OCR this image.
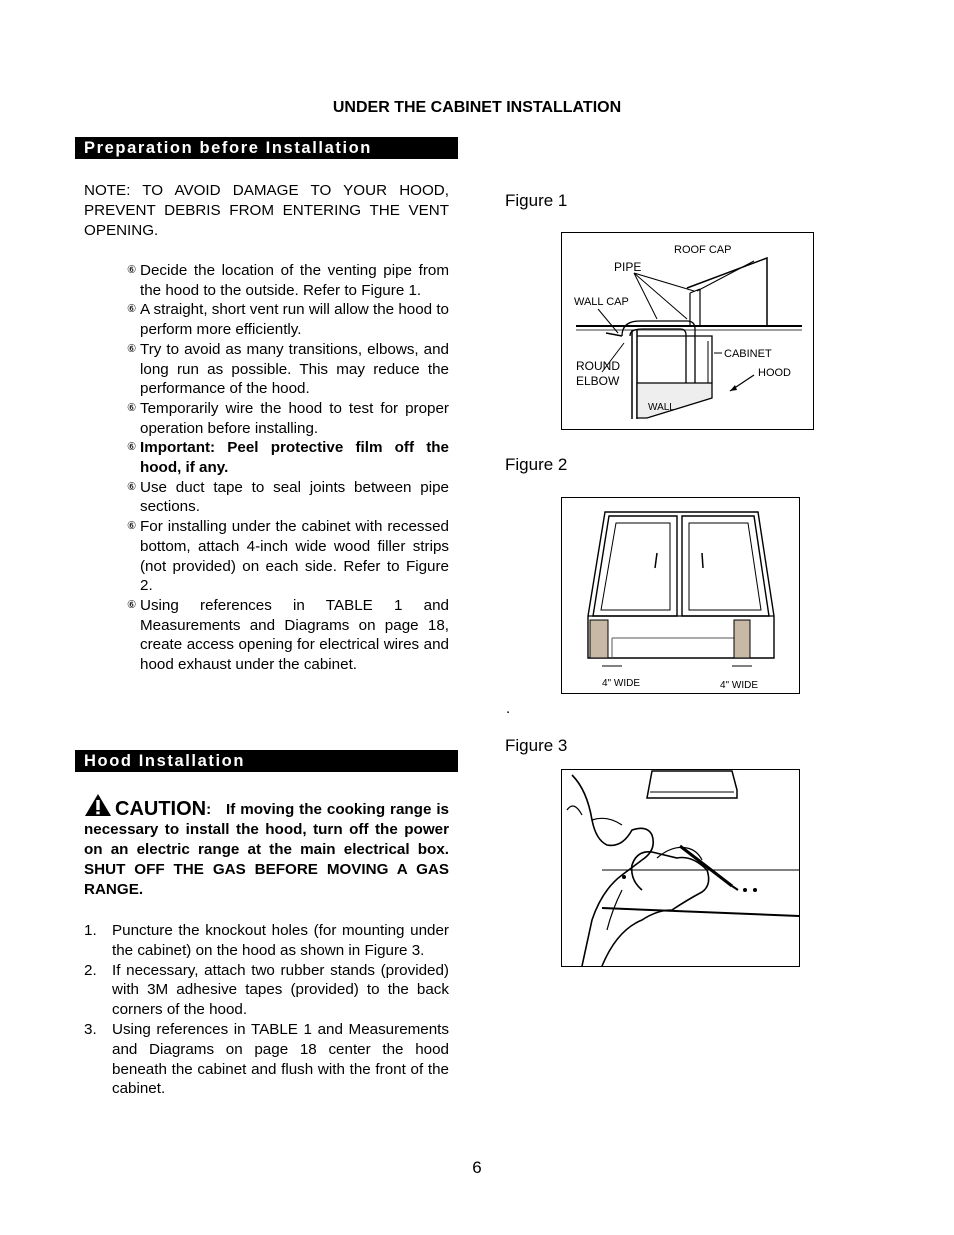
UNDER THE CABINET INSTALLATION
Preparation before Installation
NOTE: TO AVOID DAMAGE TO YOUR HOOD, PREVENT DEBRIS FROM ENTERING THE VENT OPENING.
⑥ Decide the location of the venting pipe from the hood to the outside. Refer to Figure 1.
⑥ A straight, short vent run will allow the hood to perform more efficiently.
⑥ Try to avoid as many transitions, elbows, and long run as possible. This may reduce the performance of the hood.
⑥ Temporarily wire the hood to test for proper operation before installing.
⑥ Important: Peel protective film off the hood, if any.
⑥ Use duct tape to seal joints between pipe sections.
⑥ For installing under the cabinet with recessed bottom, attach 4-inch wide wood filler strips (not provided) on each side. Refer to Figure 2.
⑥ Using references in TABLE 1 and Measurements and Diagrams on page 18, create access opening for electrical wires and hood exhaust under the cabinet.
Hood Installation
CAUTION: If moving the cooking range is necessary to install the hood, turn off the power on an electric range at the main electrical box. SHUT OFF THE GAS BEFORE MOVING A GAS RANGE.
1. Puncture the knockout holes (for mounting under the cabinet) on the hood as shown in Figure 3.
2. If necessary, attach two rubber stands (provided) with 3M adhesive tapes (provided) to the back corners of the hood.
3. Using references in TABLE 1 and Measurements and Diagrams on page 18 center the hood beneath the cabinet and flush with the front of the cabinet.
Figure 1
ROOF CAP
PIPE
WALL CAP
CABINET
ROUND
ELBOW
HOOD
WALL
Figure 2
4" WIDE	4" WIDE
.
Figure 3
6
